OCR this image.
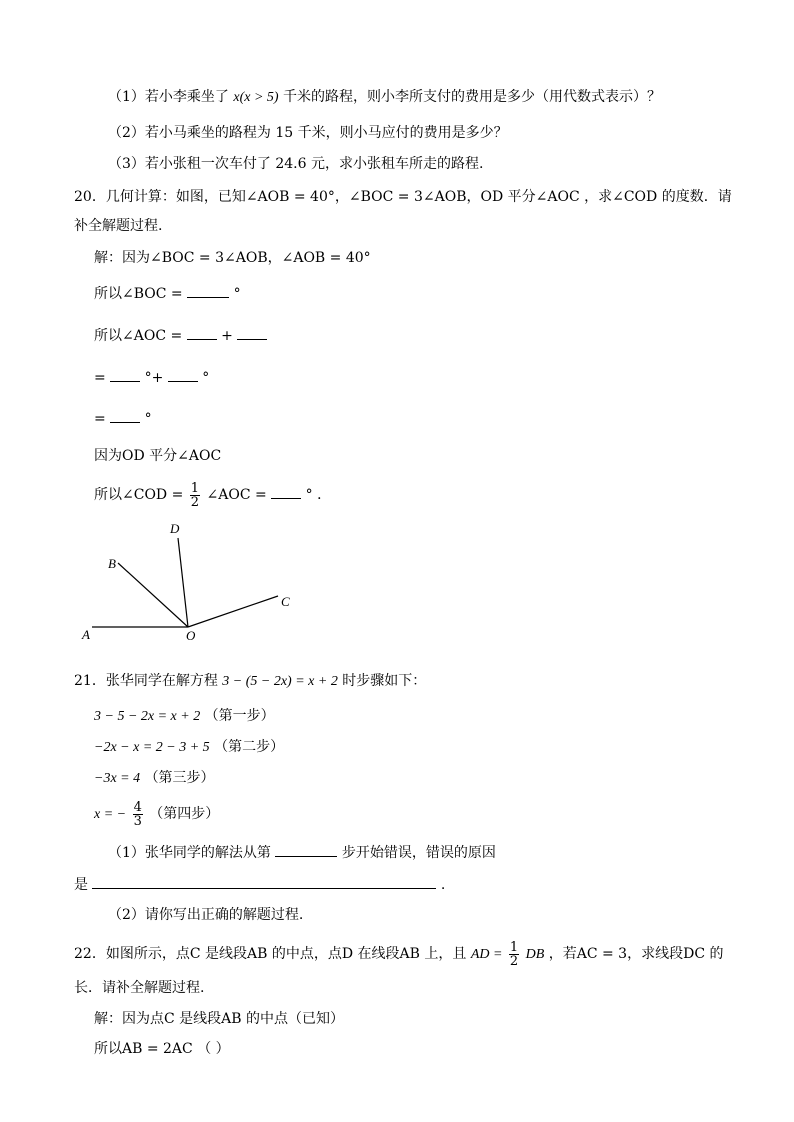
（1）若小李乘坐了 x(x > 5) 千米的路程，则小李所支付的费用是多少（用代数式表示）？
（2）若小马乘坐的路程为 15 千米，则小马应付的费用是多少？
（3）若小张租一次车付了 24.6 元，求小张租车所走的路程.
20．几何计算：如图，已知∠AOB = 40°，∠BOC = 3∠AOB，OD 平分∠AOC ，求∠COD 的度数．请
补全解题过程.
解：因为∠BOC = 3∠AOB，∠AOB = 40°
所以∠BOC =	°
所以∠AOC =	+
=	°+	°
=	°
因为OD 平分∠AOC
所以∠COD = $\frac{1}{2}$ ∠AOC =	° ．
A
B
D
C
O
21．张华同学在解方程 3 − (5 − 2x) = x + 2 时步骤如下：
3 − 5 − 2x = x + 2 （第一步）
−2x − x = 2 − 3 + 5 （第二步）
−3x = 4 （第三步）
x = − $\frac{4}{3}$ （第四步）
（1）张华同学的解法从第	步开始错误，错误的原因
是	.
（2）请你写出正确的解题过程.
22．如图所示，点C 是线段AB 的中点，点D 在线段AB 上，且 AD = $\frac{1}{2}$ DB ，若AC = 3，求线段DC 的
长．请补全解题过程.
解：因为点C 是线段AB 的中点（已知）
所以AB = 2AC （ ）
